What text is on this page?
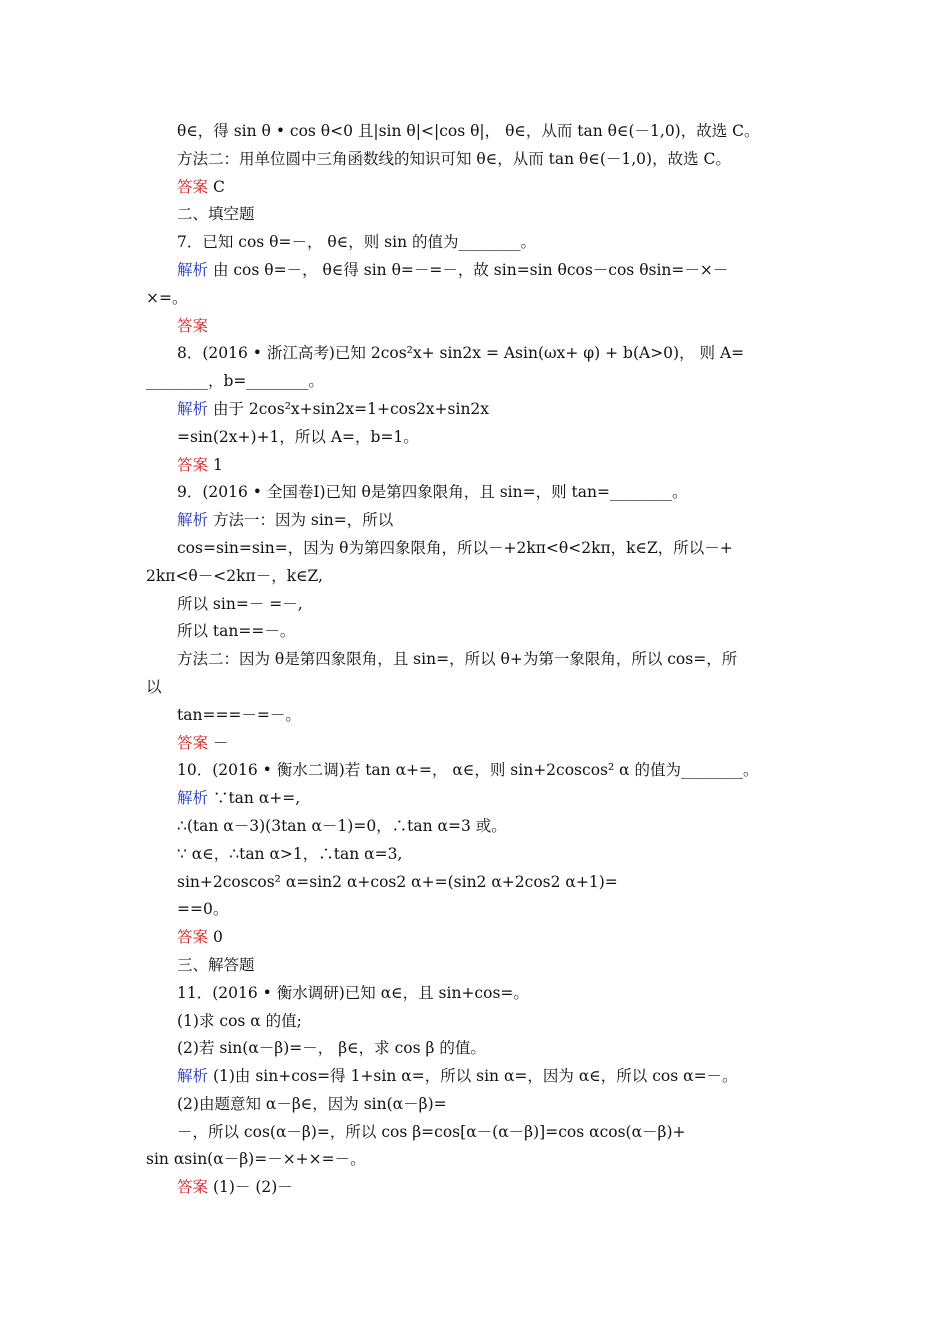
θ∈，得 sin θ • cos θ<0 且|sin θ|<|cos θ|， θ∈，从而 tan θ∈(－1,0)，故选 C。
方法二：用单位圆中三角函数线的知识可知 θ∈，从而 tan θ∈(－1,0)，故选 C。
答案 C
二、填空题
7．已知 cos θ=－， θ∈，则 sin 的值为________。
解析 由 cos θ=－， θ∈得 sin θ=－=－，故 sin=sin θcos－cos θsin=－×－
×=。
答案
8．(2016 • 浙江高考)已知 2cos²x+ sin2x = Asin(ωx+ φ) + b(A>0)， 则 A=
________，b=________。
解析 由于 2cos²x+sin2x=1+cos2x+sin2x
=sin(2x+)+1，所以 A=，b=1。
答案 1
9．(2016 • 全国卷Ⅰ)已知 θ是第四象限角，且 sin=，则 tan=________。
解析 方法一：因为 sin=，所以
cos=sin=sin=，因为 θ为第四象限角，所以－+2kπ<θ<2kπ，k∈Z，所以－+
2kπ<θ－<2kπ－，k∈Z,
所以 sin=－ =－,
所以 tan==－。
方法二：因为 θ是第四象限角，且 sin=，所以 θ+为第一象限角，所以 cos=，所
以
tan===－=－。
答案 －
10．(2016 • 衡水二调)若 tan α+=， α∈，则 sin+2coscos² α 的值为________。
解析 ∵tan α+=,
∴(tan α－3)(3tan α－1)=0，∴tan α=3 或。
∵ α∈，∴tan α>1，∴tan α=3,
sin+2coscos² α=sin2 α+cos2 α+=(sin2 α+2cos2 α+1)=
==0。
答案 0
三、解答题
11．(2016 • 衡水调研)已知 α∈，且 sin+cos=。
(1)求 cos α 的值;
(2)若 sin(α－β)=－， β∈，求 cos β 的值。
解析 (1)由 sin+cos=得 1+sin α=，所以 sin α=，因为 α∈，所以 cos α=－。
(2)由题意知 α－β∈，因为 sin(α－β)=
－，所以 cos(α－β)=，所以 cos β=cos[α－(α－β)]=cos αcos(α－β)+
sin αsin(α－β)=－×+×=－。
答案 (1)－ (2)－
